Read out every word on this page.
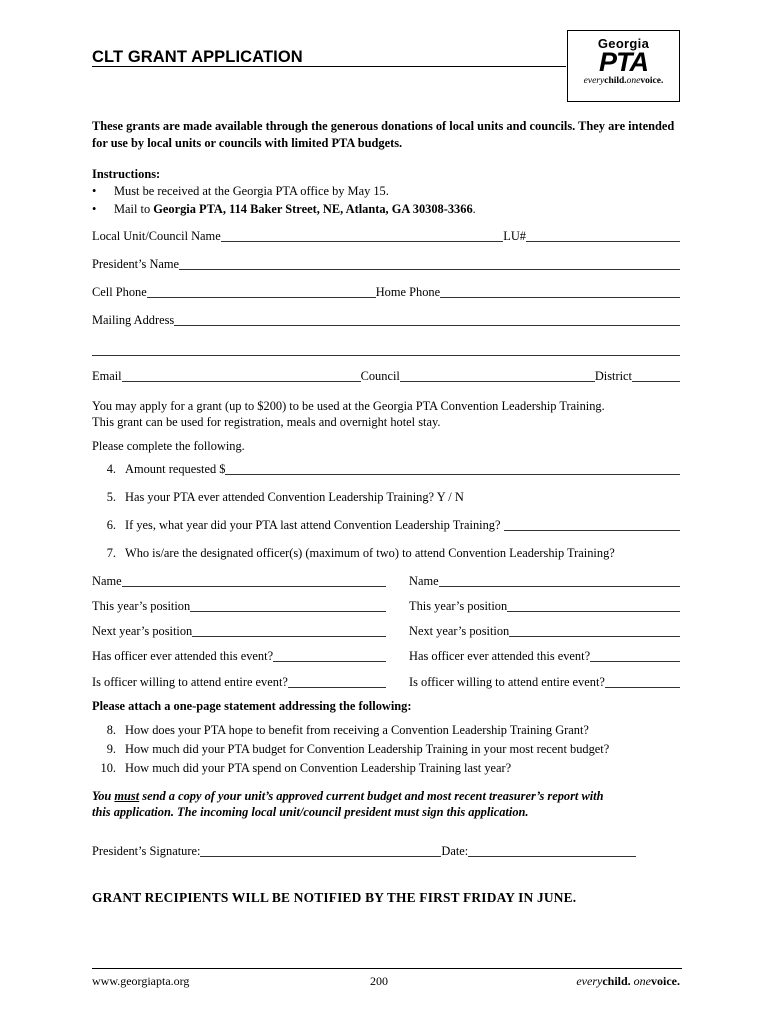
CLT GRANT APPLICATION
Georgia
PTA
everychild.onevoice.
These grants are made available through the generous donations of local units and councils. They are intended for use by local units or councils with limited PTA budgets.
Instructions:
• Must be received at the Georgia PTA office by May 15.
• Mail to Georgia PTA, 114 Baker Street, NE, Atlanta, GA 30308-3366.
Local Unit/Council Name	LU#
President’s Name
Cell Phone	Home Phone
Mailing Address
Email	Council	District
You may apply for a grant (up to $200) to be used at the Georgia PTA Convention Leadership Training.
This grant can be used for registration, meals and overnight hotel stay.
Please complete the following.
4. Amount requested $
5. Has your PTA ever attended Convention Leadership Training? Y / N
6. If yes, what year did your PTA last attend Convention Leadership Training?
7. Who is/are the designated officer(s) (maximum of two) to attend Convention Leadership Training?
Name	Name
This year’s position	This year’s position
Next year’s position	Next year’s position
Has officer ever attended this event?	Has officer ever attended this event?
Is officer willing to attend entire event?	Is officer willing to attend entire event?
Please attach a one-page statement addressing the following:
8. How does your PTA hope to benefit from receiving a Convention Leadership Training Grant?
9. How much did your PTA budget for Convention Leadership Training in your most recent budget?
10. How much did your PTA spend on Convention Leadership Training last year?
You must send a copy of your unit’s approved current budget and most recent treasurer’s report with
this application. The incoming local unit/council president must sign this application.
President’s Signature:	Date:
GRANT RECIPIENTS WILL BE NOTIFIED BY THE FIRST FRIDAY IN JUNE.
www.georgiapta.org	200	everychild. onevoice.
